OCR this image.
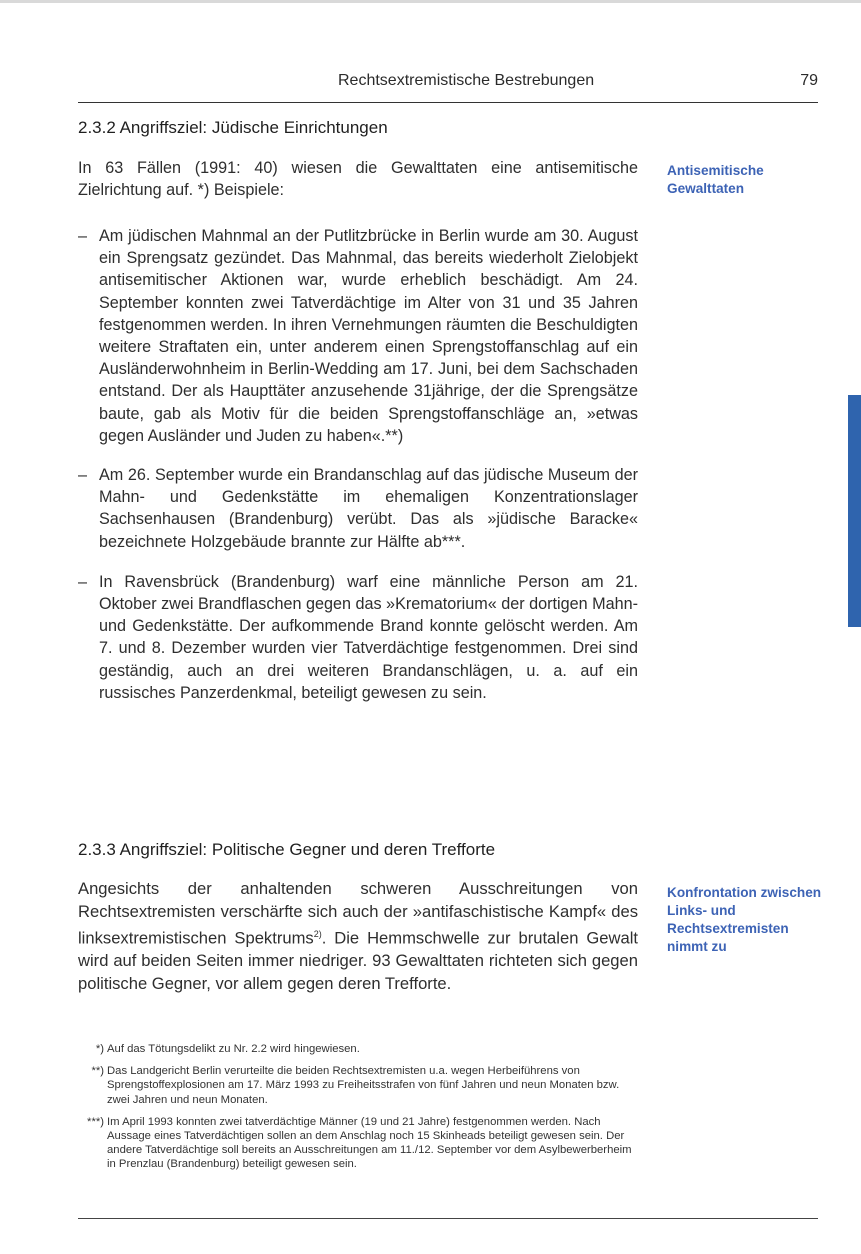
Rechtsextremistische Bestrebungen	79
2.3.2 Angriffsziel: Jüdische Einrichtungen
In 63 Fällen (1991: 40) wiesen die Gewalttaten eine antisemitische Zielrichtung auf. *) Beispiele:
Antisemitische Gewalttaten

– Am jüdischen Mahnmal an der Putlitzbrücke in Berlin wurde am 30. August ein Sprengsatz gezündet. Das Mahnmal, das bereits wiederholt Zielobjekt antisemitischer Aktionen war, wurde erheblich beschädigt. Am 24. September konnten zwei Tatverdächtige im Alter von 31 und 35 Jahren festgenommen werden. In ihren Vernehmungen räumten die Beschuldigten weitere Straftaten ein, unter anderem einen Sprengstoffanschlag auf ein Ausländerwohnheim in Berlin-Wedding am 17. Juni, bei dem Sachschaden entstand. Der als Haupttäter anzusehende 31jährige, der die Sprengsätze baute, gab als Motiv für die beiden Sprengstoffanschläge an, »etwas gegen Ausländer und Juden zu haben«.**)

– Am 26. September wurde ein Brandanschlag auf das jüdische Museum der Mahn- und Gedenkstätte im ehemaligen Konzentrationslager Sachsenhausen (Brandenburg) verübt. Das als »jüdische Baracke« bezeichnete Holzgebäude brannte zur Hälfte ab***.

– In Ravensbrück (Brandenburg) warf eine männliche Person am 21. Oktober zwei Brandflaschen gegen das »Krematorium« der dortigen Mahn- und Gedenkstätte. Der aufkommende Brand konnte gelöscht werden. Am 7. und 8. Dezember wurden vier Tatverdächtige festgenommen. Drei sind geständig, auch an drei weiteren Brandanschlägen, u. a. auf ein russisches Panzerdenkmal, beteiligt gewesen zu sein.

2.3.3 Angriffsziel: Politische Gegner und deren Trefforte
Angesichts der anhaltenden schweren Ausschreitungen von Rechtsextremisten verschärfte sich auch der »antifaschistische Kampf« des linksextremistischen Spektrums$^{2)}$. Die Hemmschwelle zur brutalen Gewalt wird auf beiden Seiten immer niedriger. 93 Gewalttaten richteten sich gegen politische Gegner, vor allem gegen deren Trefforte.
Konfrontation zwischen Links- und Rechtsextremisten nimmt zu

*) Auf das Tötungsdelikt zu Nr. 2.2 wird hingewiesen.

**) Das Landgericht Berlin verurteilte die beiden Rechtsextremisten u.a. wegen Herbeiführens von Sprengstoffexplosionen am 17. März 1993 zu Freiheitsstrafen von fünf Jahren und neun Monaten bzw. zwei Jahren und neun Monaten.

***) Im April 1993 konnten zwei tatverdächtige Männer (19 und 21 Jahre) festgenommen werden. Nach Aussage eines Tatverdächtigen sollen an dem Anschlag noch 15 Skinheads beteiligt gewesen sein. Der andere Tatverdächtige soll bereits an Ausschreitungen am 11./12. September vor dem Asylbewerberheim in Prenzlau (Brandenburg) beteiligt gewesen sein.
